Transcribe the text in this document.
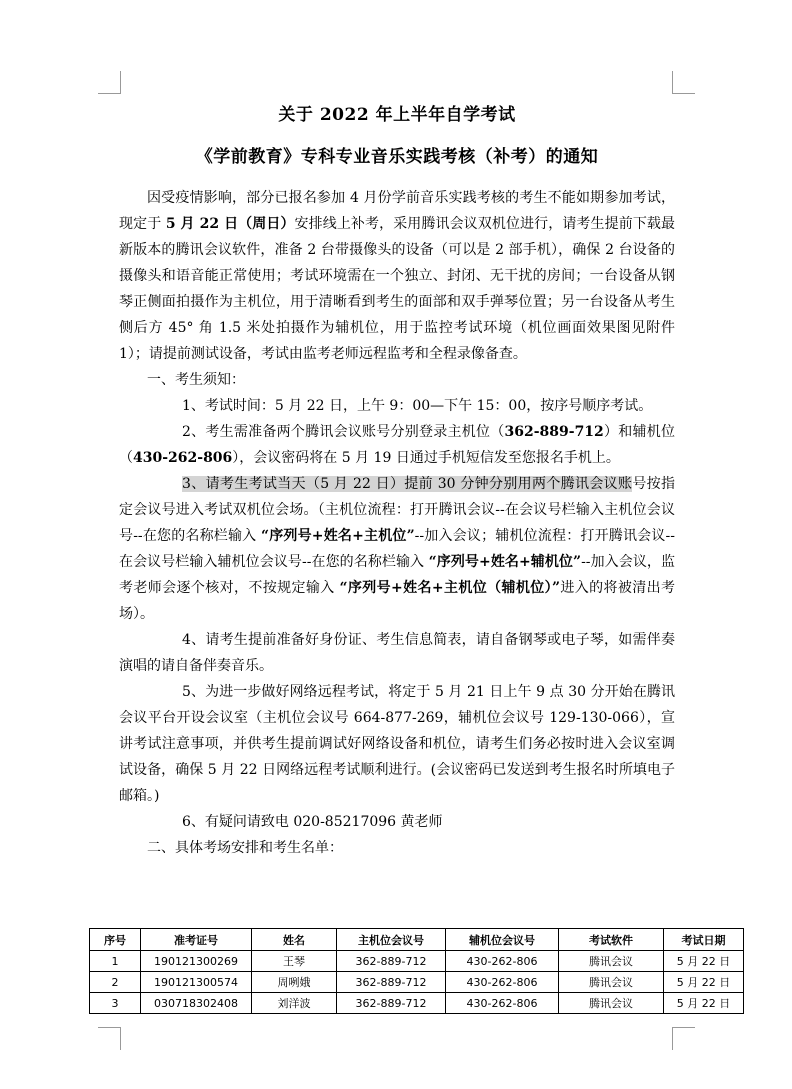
关于 2022 年上半年自学考试

《学前教育》专科专业音乐实践考核（补考）的通知

因受疫情影响，部分已报名参加 4 月份学前音乐实践考核的考生不能如期参加考试，现定于 5 月 22 日（周日）安排线上补考，采用腾讯会议双机位进行，请考生提前下载最新版本的腾讯会议软件，准备 2 台带摄像头的设备（可以是 2 部手机），确保 2 台设备的摄像头和语音能正常使用；考试环境需在一个独立、封闭、无干扰的房间；一台设备从钢琴正侧面拍摄作为主机位，用于清晰看到考生的面部和双手弹琴位置；另一台设备从考生侧后方 45° 角 1.5 米处拍摄作为辅机位，用于监控考试环境（机位画面效果图见附件 1）；请提前测试设备，考试由监考老师远程监考和全程录像备查。

一、考生须知：

1、考试时间：5 月 22 日，上午 9：00—下午 15：00，按序号顺序考试。

2、考生需准备两个腾讯会议账号分别登录主机位（362-889-712）和辅机位（430-262-806），会议密码将在 5 月 19 日通过手机短信发至您报名手机上。

3、请考生考试当天（5 月 22 日）提前 30 分钟分别用两个腾讯会议账号按指定会议号进入考试双机位会场。（主机位流程：打开腾讯会议--在会议号栏输入主机位会议号--在您的名称栏输入 “序列号+姓名+主机位”--加入会议；辅机位流程：打开腾讯会议--在会议号栏输入辅机位会议号--在您的名称栏输入 “序列号+姓名+辅机位”--加入会议，监考老师会逐个核对，不按规定输入 “序列号+姓名+主机位（辅机位）”进入的将被清出考场）。

4、请考生提前准备好身份证、考生信息简表，请自备钢琴或电子琴，如需伴奏演唱的请自备伴奏音乐。

5、为进一步做好网络远程考试，将定于 5 月 21 日上午 9 点 30 分开始在腾讯会议平台开设会议室（主机位会议号 664-877-269，辅机位会议号 129-130-066），宣讲考试注意事项，并供考生提前调试好网络设备和机位，请考生们务必按时进入会议室调试设备，确保 5 月 22 日网络远程考试顺利进行。(会议密码已发送到考生报名时所填电子邮箱。)

6、有疑问请致电 020-85217096 黄老师

二、具体考场安排和考生名单：

序号	准考证号	姓名	主机位会议号	辅机位会议号	考试软件	考试日期
1	190121300269	王琴	362-889-712	430-262-806	腾讯会议	5 月 22 日
2	190121300574	周咧娥	362-889-712	430-262-806	腾讯会议	5 月 22 日
3	030718302408	刘洋波	362-889-712	430-262-806	腾讯会议	5 月 22 日
